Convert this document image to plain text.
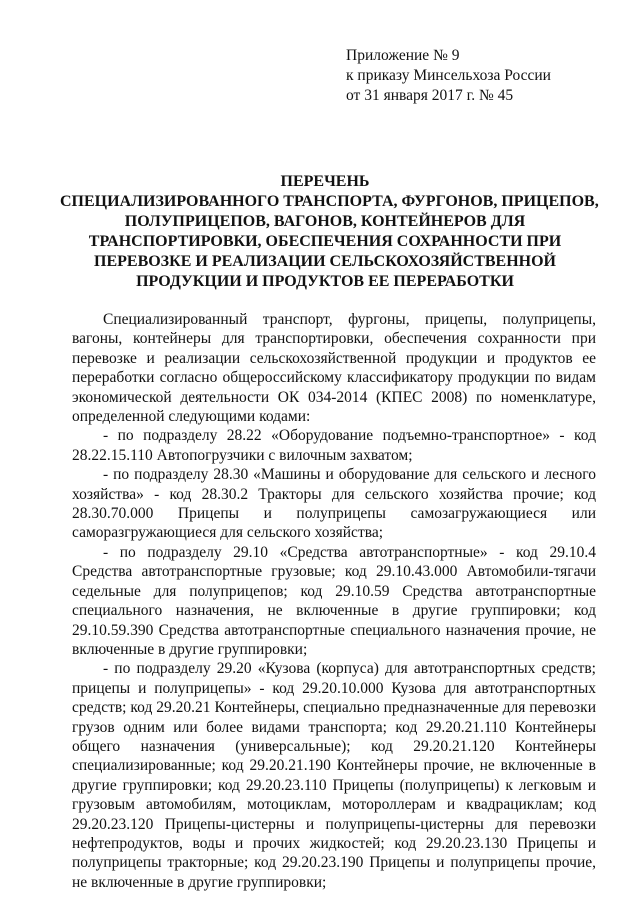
Приложение № 9
к приказу Минсельхоза России
от 31 января 2017 г. № 45
ПЕРЕЧЕНЬ
СПЕЦИАЛИЗИРОВАННОГО ТРАНСПОРТА, ФУРГОНОВ, ПРИЦЕПОВ,
ПОЛУПРИЦЕПОВ, ВАГОНОВ, КОНТЕЙНЕРОВ ДЛЯ
ТРАНСПОРТИРОВКИ, ОБЕСПЕЧЕНИЯ СОХРАННОСТИ ПРИ
ПЕРЕВОЗКЕ И РЕАЛИЗАЦИИ СЕЛЬСКОХОЗЯЙСТВЕННОЙ
ПРОДУКЦИИ И ПРОДУКТОВ ЕЕ ПЕРЕРАБОТКИ

Специализированный транспорт, фургоны, прицепы, полуприцепы, вагоны, контейнеры для транспортировки, обеспечения сохранности при перевозке и реализации сельскохозяйственной продукции и продуктов ее переработки согласно общероссийскому классификатору продукции по видам экономической деятельности ОК 034-2014 (КПЕС 2008) по номенклатуре, определенной следующими кодами:

- по подразделу 28.22 «Оборудование подъемно-транспортное» - код 28.22.15.110 Автопогрузчики с вилочным захватом;

- по подразделу 28.30 «Машины и оборудование для сельского и лесного хозяйства» - код 28.30.2 Тракторы для сельского хозяйства прочие; код 28.30.70.000 Прицепы и полуприцепы самозагружающиеся или саморазгружающиеся для сельского хозяйства;

- по подразделу 29.10 «Средства автотранспортные» - код 29.10.4 Средства автотранспортные грузовые; код 29.10.43.000 Автомобили-тягачи седельные для полуприцепов; код 29.10.59 Средства автотранспортные специального назначения, не включенные в другие группировки; код 29.10.59.390 Средства автотранспортные специального назначения прочие, не включенные в другие группировки;

- по подразделу 29.20 «Кузова (корпуса) для автотранспортных средств; прицепы и полуприцепы» - код 29.20.10.000 Кузова для автотранспортных средств; код 29.20.21 Контейнеры, специально предназначенные для перевозки грузов одним или более видами транспорта; код 29.20.21.110 Контейнеры общего назначения (универсальные); код 29.20.21.120 Контейнеры специализированные; код 29.20.21.190 Контейнеры прочие, не включенные в другие группировки; код 29.20.23.110 Прицепы (полуприцепы) к легковым и грузовым автомобилям, мотоциклам, мотороллерам и квадрациклам; код 29.20.23.120 Прицепы-цистерны и полуприцепы-цистерны для перевозки нефтепродуктов, воды и прочих жидкостей; код 29.20.23.130 Прицепы и полуприцепы тракторные; код 29.20.23.190 Прицепы и полуприцепы прочие, не включенные в другие группировки;
